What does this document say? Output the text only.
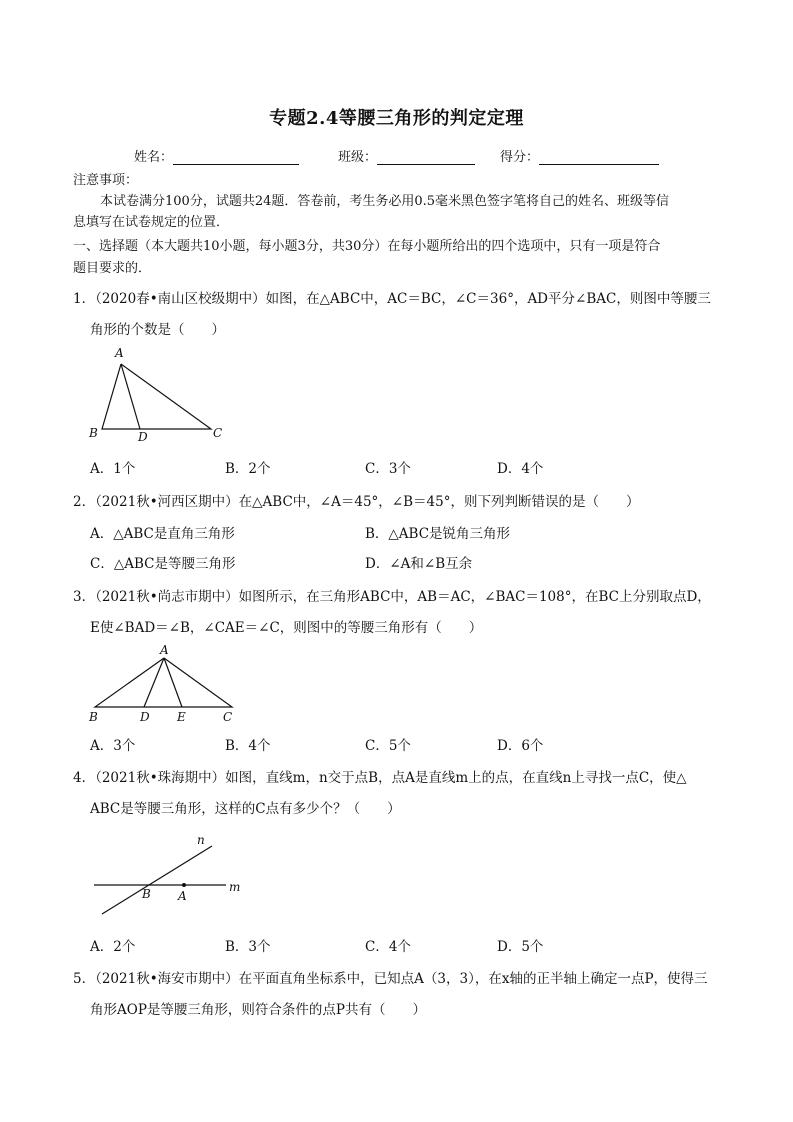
专题2.4等腰三角形的判定定理
姓名：	班级：	得分：
注意事项：
本试卷满分100分，试题共24题．答卷前，考生务必用0.5毫米黑色签字笔将自己的姓名、班级等信
息填写在试卷规定的位置．
一、选择题（本大题共10小题，每小题3分，共30分）在每小题所给出的四个选项中，只有一项是符合
题目要求的．
1．（2020春•南山区校级期中）如图，在△ABC中，AC＝BC，∠C＝36°，AD平分∠BAC，则图中等腰三
角形的个数是（　　）
A
B	D	C
A．1个	B．2个	C．3个	D．4个
2．（2021秋•河西区期中）在△ABC中，∠A＝45°，∠B＝45°，则下列判断错误的是（　　）
A．△ABC是直角三角形	B．△ABC是锐角三角形
C．△ABC是等腰三角形	D．∠A和∠B互余
3．（2021秋•尚志市期中）如图所示，在三角形ABC中，AB＝AC，∠BAC＝108°，在BC上分别取点D，
E使∠BAD＝∠B，∠CAE＝∠C，则图中的等腰三角形有（　　）
A
B	D E	C
A．3个	B．4个	C．5个	D．6个
4．（2021秋•珠海期中）如图，直线m，n交于点B，点A是直线m上的点，在直线n上寻找一点C，使△
ABC是等腰三角形，这样的C点有多少个？（　　）
n
B A
m
A．2个	B．3个	C．4个	D．5个
5．（2021秋•海安市期中）在平面直角坐标系中，已知点A（3，3），在x轴的正半轴上确定一点P，使得三
角形AOP是等腰三角形，则符合条件的点P共有（　　）
